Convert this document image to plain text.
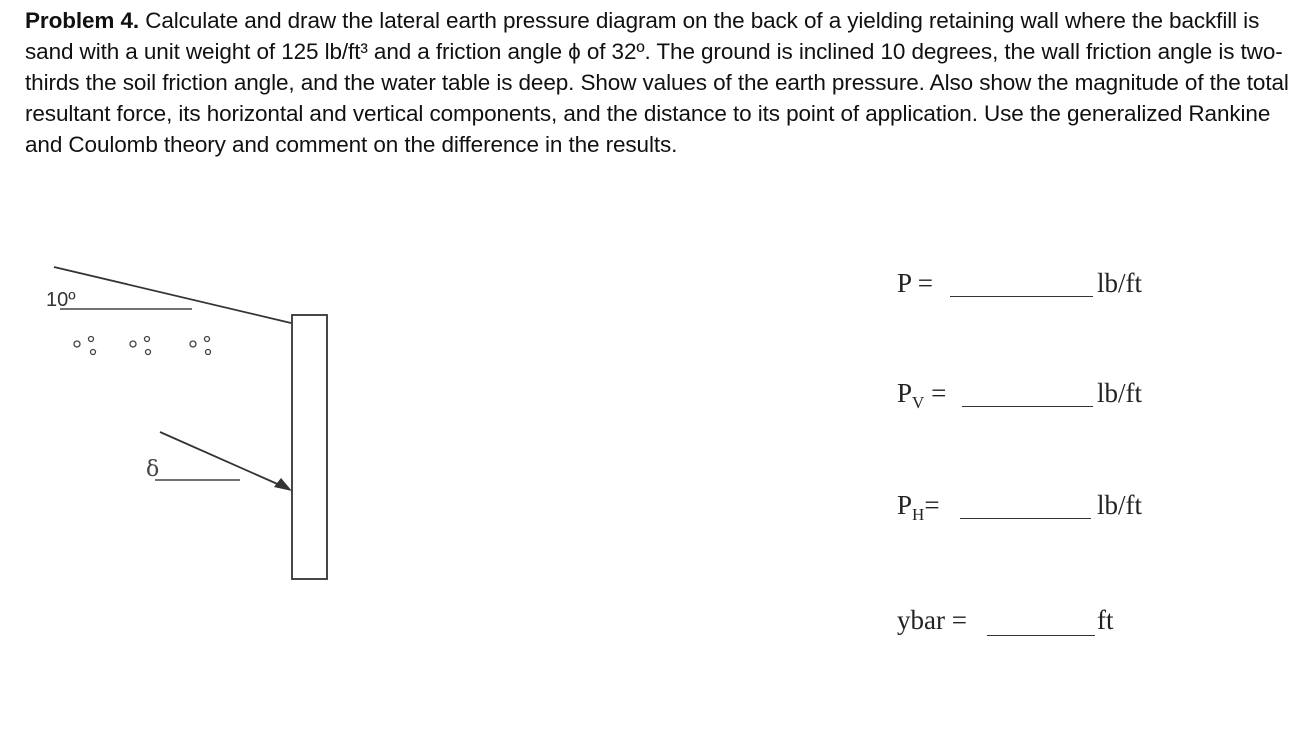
Problem 4. Calculate and draw the lateral earth pressure diagram on the back of a yielding retaining wall where the backfill is sand with a unit weight of 125 lb/ft³ and a friction angle ϕ of 32º. The ground is inclined 10 degrees, the wall friction angle is two-thirds the soil friction angle, and the water table is deep. Show values of the earth pressure. Also show the magnitude of the total resultant force, its horizontal and vertical components, and the distance to its point of application. Use the generalized Rankine and Coulomb theory and comment on the difference in the results.
10º
δ
P =	lb/ft
$P_V$ =	lb/ft
$P_H=$	lb/ft
ybar =	ft
